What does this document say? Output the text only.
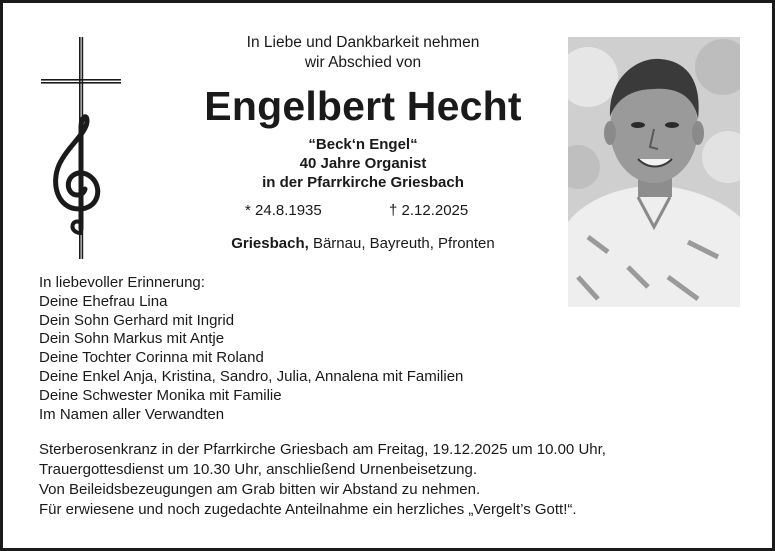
In Liebe und Dankbarkeit nehmen
wir Abschied von
Engelbert Hecht
“Beck‘n Engel“
40 Jahre Organist
in der Pfarrkirche Griesbach
* 24.8.1935	† 2.12.2025
Griesbach, Bärnau, Bayreuth, Pfronten
In liebevoller Erinnerung:
Deine Ehefrau Lina
Dein Sohn Gerhard mit Ingrid
Dein Sohn Markus mit Antje
Deine Tochter Corinna mit Roland
Deine Enkel Anja, Kristina, Sandro, Julia, Annalena mit Familien
Deine Schwester Monika mit Familie
Im Namen aller Verwandten
Sterberosenkranz in der Pfarrkirche Griesbach am Freitag, 19.12.2025 um 10.00 Uhr,
Trauergottesdienst um 10.30 Uhr, anschließend Urnenbeisetzung.
Von Beileidsbezeugungen am Grab bitten wir Abstand zu nehmen.
Für erwiesene und noch zugedachte Anteilnahme ein herzliches „Vergelt’s Gott!“.
